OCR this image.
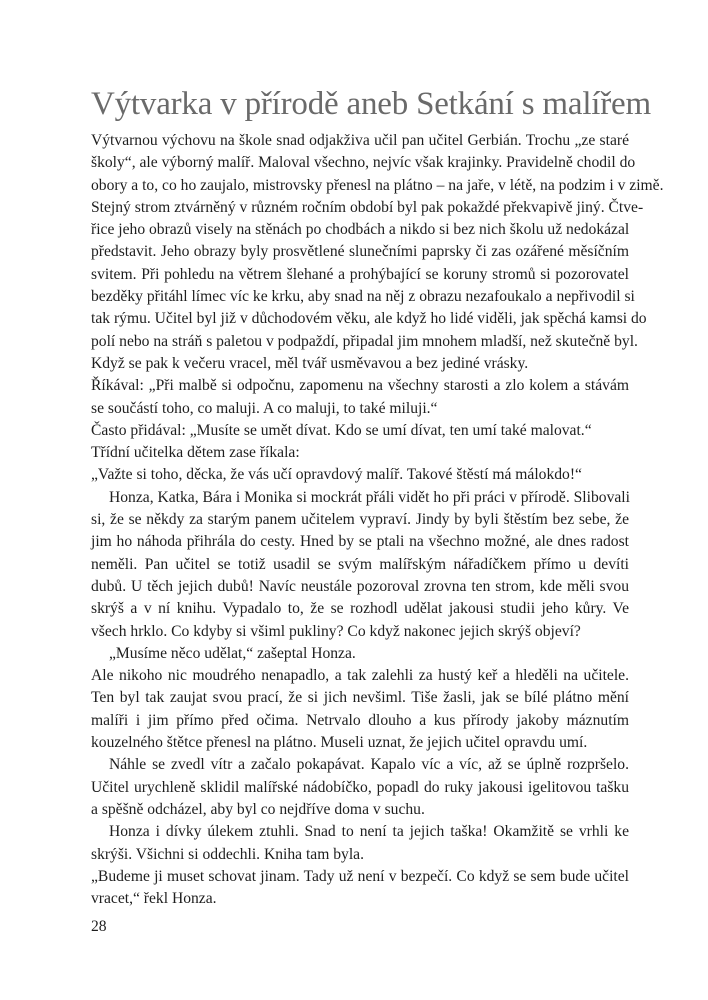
Výtvarka v přírodě aneb Setkání s malířem
Výtvarnou výchovu na škole snad odjakživa učil pan učitel Gerbián. Trochu „ze staré
školy“, ale výborný malíř. Maloval všechno, nejvíc však krajinky. Pravidelně chodil do
obory a to, co ho zaujalo, mistrovsky přenesl na plátno – na jaře, v létě, na podzim i v zimě.
Stejný strom ztvárněný v různém ročním období byl pak pokaždé překvapivě jiný. Čtve-
řice jeho obrazů visely na stěnách po chodbách a nikdo si bez nich školu už nedokázal
představit. Jeho obrazy byly prosvětlené slunečními paprsky či zas ozářené měsíčním
svitem. Při pohledu na větrem šlehané a prohýbající se koruny stromů si pozorovatel
bezděky přitáhl límec víc ke krku, aby snad na něj z obrazu nezafoukalo a nepřivodil si
tak rýmu. Učitel byl již v důchodovém věku, ale když ho lidé viděli, jak spěchá kamsi do
polí nebo na stráň s paletou v podpaždí, připadal jim mnohem mladší, než skutečně byl.
Když se pak k večeru vracel, měl tvář usměvavou a bez jediné vrásky.
Říkával: „Při malbě si odpočnu, zapomenu na všechny starosti a zlo kolem a stávám
se součástí toho, co maluji. A co maluji, to také miluji.“
Často přidával: „Musíte se umět dívat. Kdo se umí dívat, ten umí také malovat.“
Třídní učitelka dětem zase říkala:
„Važte si toho, děcka, že vás učí opravdový malíř. Takové štěstí má málokdo!“
Honza, Katka, Bára i Monika si mockrát přáli vidět ho při práci v přírodě. Slibovali
si, že se někdy za starým panem učitelem vypraví. Jindy by byli štěstím bez sebe, že
jim ho náhoda přihrála do cesty. Hned by se ptali na všechno možné, ale dnes radost
neměli. Pan učitel se totiž usadil se svým malířským nářadíčkem přímo u devíti
dubů. U těch jejich dubů! Navíc neustále pozoroval zrovna ten strom, kde měli svou
skrýš a v ní knihu. Vypadalo to, že se rozhodl udělat jakousi studii jeho kůry. Ve
všech hrklo. Co kdyby si všiml pukliny? Co když nakonec jejich skrýš objeví?
„Musíme něco udělat,“ zašeptal Honza.
Ale nikoho nic moudrého nenapadlo, a tak zalehli za hustý keř a hleděli na učitele.
Ten byl tak zaujat svou prací, že si jich nevšiml. Tiše žasli, jak se bílé plátno mění
malíři i jim přímo před očima. Netrvalo dlouho a kus přírody jakoby máznutím
kouzelného štětce přenesl na plátno. Museli uznat, že jejich učitel opravdu umí.
Náhle se zvedl vítr a začalo pokapávat. Kapalo víc a víc, až se úplně rozpršelo.
Učitel urychleně sklidil malířské nádobíčko, popadl do ruky jakousi igelitovou tašku
a spěšně odcházel, aby byl co nejdříve doma v suchu.
Honza i dívky úlekem ztuhli. Snad to není ta jejich taška! Okamžitě se vrhli ke
skrýši. Všichni si oddechli. Kniha tam byla.
„Budeme ji muset schovat jinam. Tady už není v bezpečí. Co když se sem bude učitel
vracet,“ řekl Honza.
28
